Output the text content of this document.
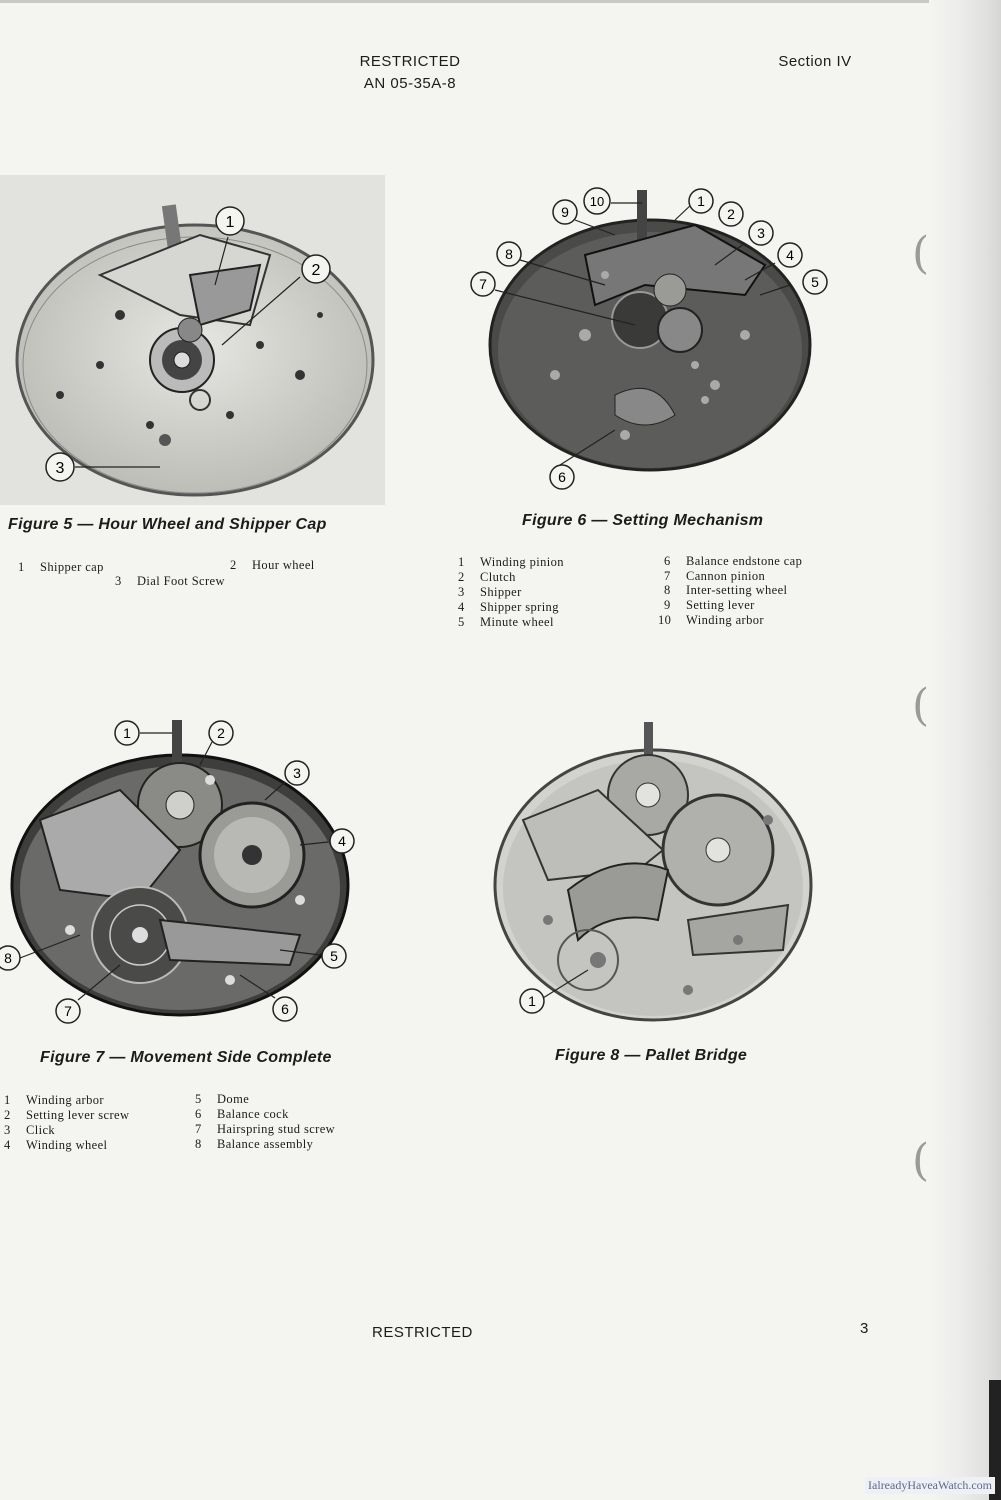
(
(
(
RESTRICTED
AN 05-35A-8
Section IV
1
2
3
Figure 5 — Hour Wheel and Shipper Cap
1 Shipper cap	2 Hour wheel
3 Dial Foot Screw
10	1
2
3
4
5
9
8
7
6
Figure 6 — Setting Mechanism
1 Winding pinion
2 Clutch
3 Shipper
4 Shipper spring
5 Minute wheel
6 Balance endstone cap
7 Cannon pinion
8 Inter-setting wheel
9 Setting lever
10 Winding arbor
1	2
3
4
5
6
7
8
Figure 7 — Movement Side Complete
1 Winding arbor
2 Setting lever screw
3 Click
4 Winding wheel
5 Dome
6 Balance cock
7 Hairspring stud screw
8 Balance assembly
1
Figure 8 — Pallet Bridge
RESTRICTED	3
IalreadyHaveaWatch.com
